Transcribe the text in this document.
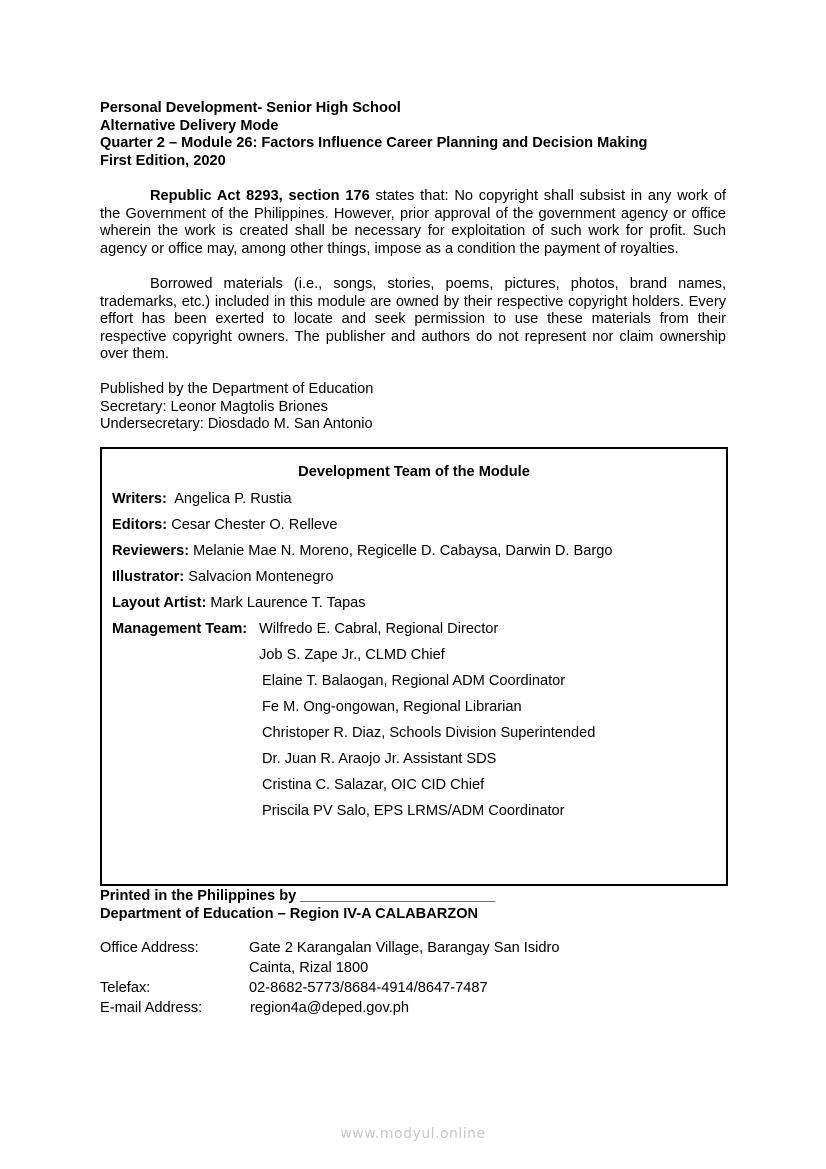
Personal Development- Senior High School
Alternative Delivery Mode
Quarter 2 – Module 26: Factors Influence Career Planning and Decision Making
First Edition, 2020
Republic Act 8293, section 176 states that: No copyright shall subsist in any work of the Government of the Philippines. However, prior approval of the government agency or office wherein the work is created shall be necessary for exploitation of such work for profit. Such agency or office may, among other things, impose as a condition the payment of royalties.
Borrowed materials (i.e., songs, stories, poems, pictures, photos, brand names, trademarks, etc.) included in this module are owned by their respective copyright holders. Every effort has been exerted to locate and seek permission to use these materials from their respective copyright owners. The publisher and authors do not represent nor claim ownership over them.
Published by the Department of Education
Secretary: Leonor Magtolis Briones
Undersecretary: Diosdado M. San Antonio
Development Team of the Module
Writers:  Angelica P. Rustia
Editors: Cesar Chester O. Relleve
Reviewers: Melanie Mae N. Moreno, Regicelle D. Cabaysa, Darwin D. Bargo
Illustrator: Salvacion Montenegro
Layout Artist: Mark Laurence T. Tapas
Management Team: Wilfredo E. Cabral, Regional Director
Job S. Zape Jr., CLMD Chief
Elaine T. Balaogan, Regional ADM Coordinator
Fe M. Ong-ongowan, Regional Librarian
Christoper R. Diaz, Schools Division Superintended
Dr. Juan R. Araojo Jr. Assistant SDS
Cristina C. Salazar, OIC CID Chief
Priscila PV Salo, EPS LRMS/ADM Coordinator
Printed in the Philippines by ________________________
Department of Education – Region IV-A CALABARZON
Office Address:	Gate 2 Karangalan Village, Barangay San Isidro
Cainta, Rizal 1800
Telefax:	02-8682-5773/8684-4914/8647-7487
E-mail Address:	region4a@deped.gov.ph
www.modyul.online
